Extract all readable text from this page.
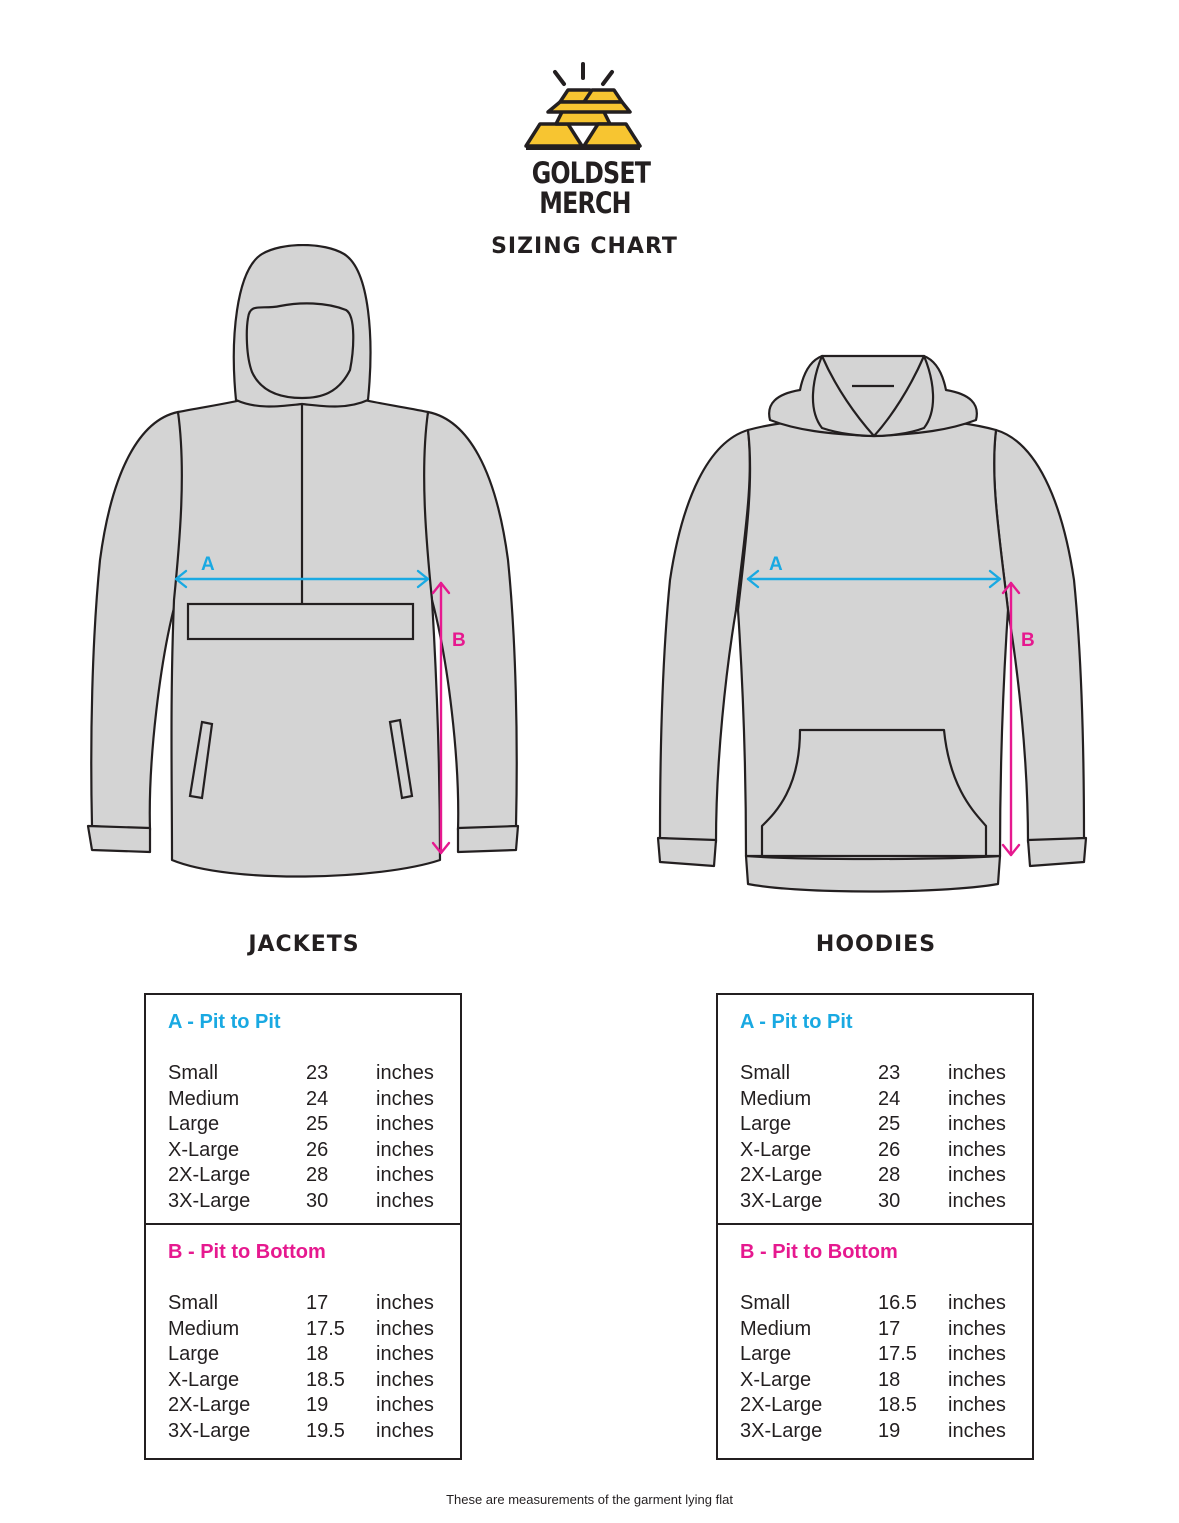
GOLDSET
MERCH
SIZING CHART
A
B
A
B
JACKETS	HOODIES
A - Pit to Pit
Small	23	inches
Medium	24	inches
Large	25	inches
X-Large	26	inches
2X-Large	28	inches
3X-Large	30	inches
B - Pit to Bottom
Small	17	inches
Medium	17.5	inches
Large	18	inches
X-Large	18.5	inches
2X-Large	19	inches
3X-Large	19.5	inches
A - Pit to Pit
Small	23	inches
Medium	24	inches
Large	25	inches
X-Large	26	inches
2X-Large	28	inches
3X-Large	30	inches
B - Pit to Bottom
Small	16.5	inches
Medium	17	inches
Large	17.5	inches
X-Large	18	inches
2X-Large	18.5	inches
3X-Large	19	inches
These are measurements of the garment lying flat
